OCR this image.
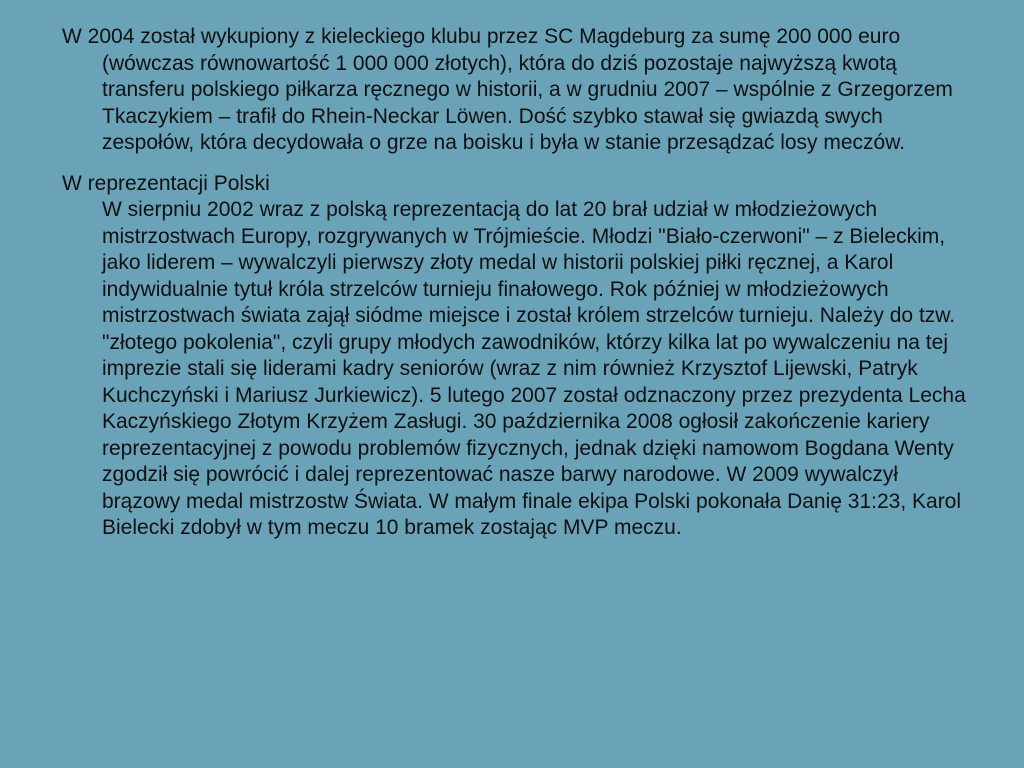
W 2004 został wykupiony z kieleckiego klubu przez SC Magdeburg za sumę 200 000 euro (wówczas równowartość 1 000 000 złotych), która do dziś pozostaje najwyższą kwotą transferu polskiego piłkarza ręcznego w historii, a w grudniu 2007 – wspólnie z Grzegorzem Tkaczykiem – trafił do Rhein-Neckar Löwen. Dość szybko stawał się gwiazdą swych zespołów, która decydowała o grze na boisku i była w stanie przesądzać losy meczów.

W reprezentacji Polski
W sierpniu 2002 wraz z polską reprezentacją do lat 20 brał udział w młodzieżowych mistrzostwach Europy, rozgrywanych w Trójmieście. Młodzi "Biało-czerwoni" – z Bieleckim, jako liderem – wywalczyli pierwszy złoty medal w historii polskiej piłki ręcznej, a Karol indywidualnie tytuł króla strzelców turnieju finałowego. Rok później w młodzieżowych mistrzostwach świata zajął siódme miejsce i został królem strzelców turnieju. Należy do tzw. "złotego pokolenia", czyli grupy młodych zawodników, którzy kilka lat po wywalczeniu na tej imprezie stali się liderami kadry seniorów (wraz z nim również Krzysztof Lijewski, Patryk Kuchczyński i Mariusz Jurkiewicz). 5 lutego 2007 został odznaczony przez prezydenta Lecha Kaczyńskiego Złotym Krzyżem Zasługi. 30 października 2008 ogłosił zakończenie kariery reprezentacyjnej z powodu problemów fizycznych, jednak dzięki namowom Bogdana Wenty zgodził się powrócić i dalej reprezentować nasze barwy narodowe. W 2009 wywalczył brązowy medal mistrzostw Świata. W małym finale ekipa Polski pokonała Danię 31:23, Karol Bielecki zdobył w tym meczu 10 bramek zostając MVP meczu.
